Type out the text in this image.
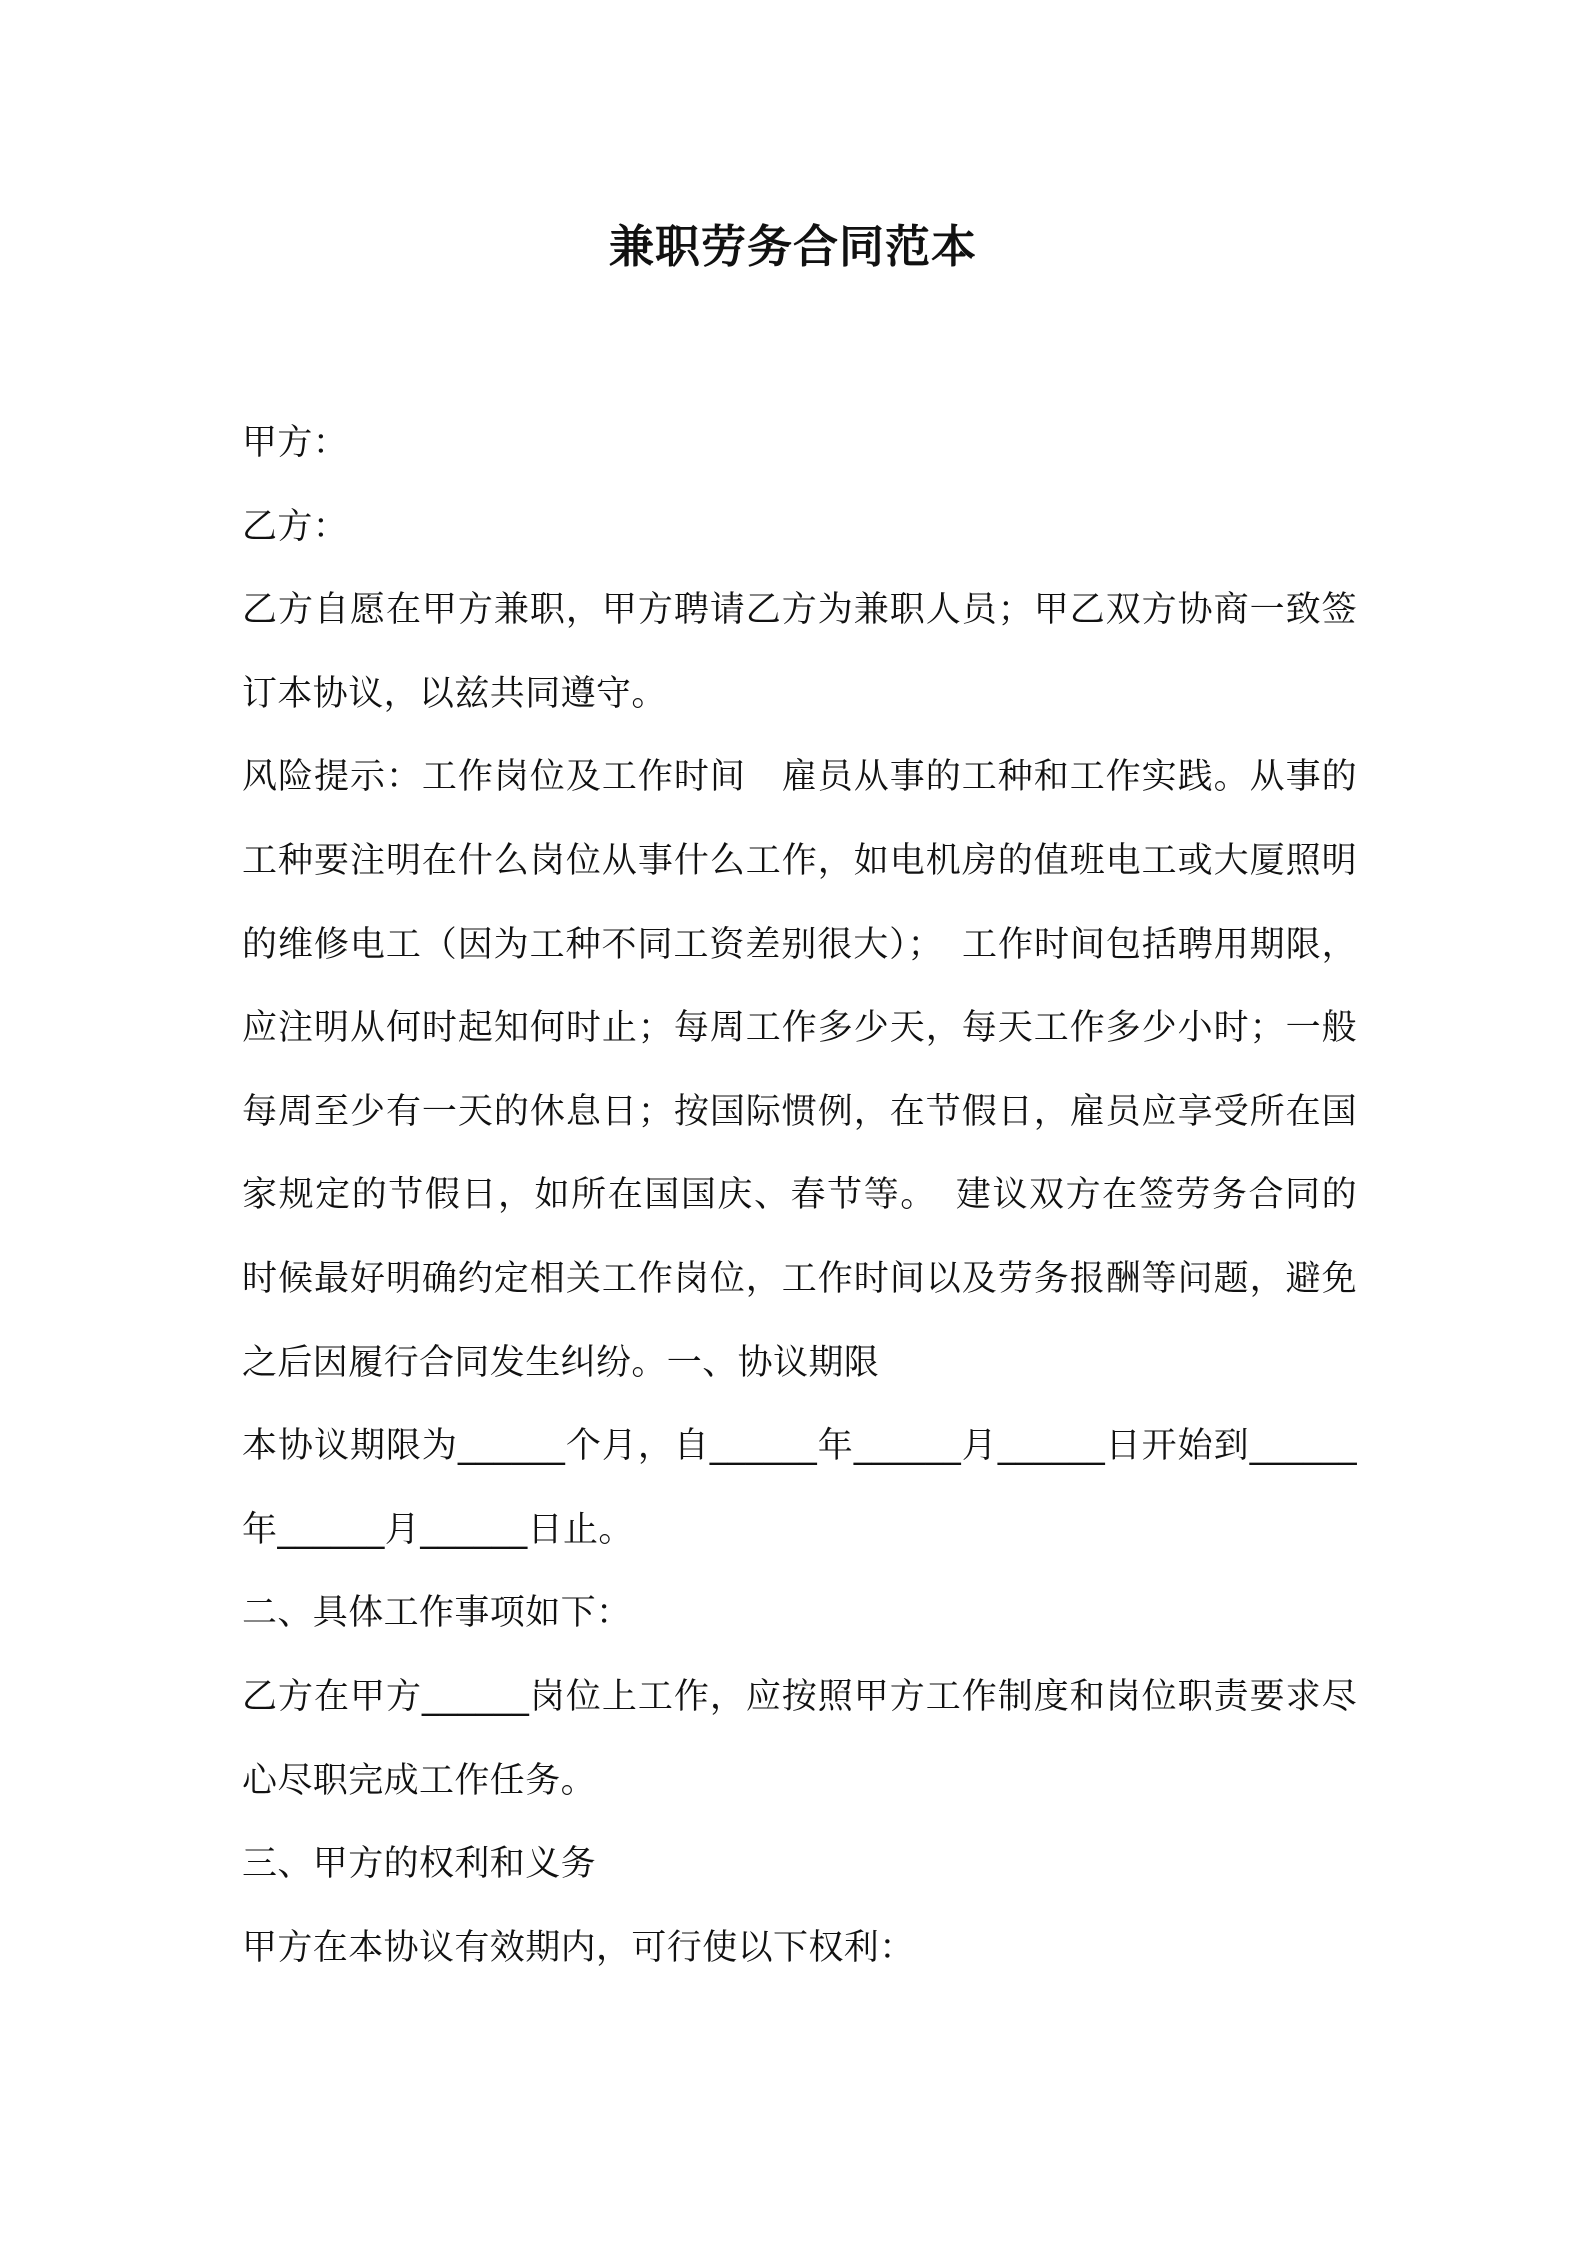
兼职劳务合同范本

甲方：

乙方：

乙方自愿在甲方兼职，甲方聘请乙方为兼职人员；甲乙双方协商一致签订本协议，以兹共同遵守。

风险提示：工作岗位及工作时间　雇员从事的工种和工作实践。从事的工种要注明在什么岗位从事什么工作，如电机房的值班电工或大厦照明的维修电工（因为工种不同工资差别很大）；　工作时间包括聘用期限，应注明从何时起知何时止；每周工作多少天，每天工作多少小时；一般每周至少有一天的休息日；按国际惯例，在节假日，雇员应享受所在国家规定的节假日，如所在国国庆、春节等。　建议双方在签劳务合同的时候最好明确约定相关工作岗位，工作时间以及劳务报酬等问题，避免之后因履行合同发生纠纷。一、协议期限

本协议期限为______个月，自______年______月______日开始到______年______月______日止。

二、具体工作事项如下：

乙方在甲方______岗位上工作，应按照甲方工作制度和岗位职责要求尽心尽职完成工作任务。

三、甲方的权利和义务

甲方在本协议有效期内，可行使以下权利：
